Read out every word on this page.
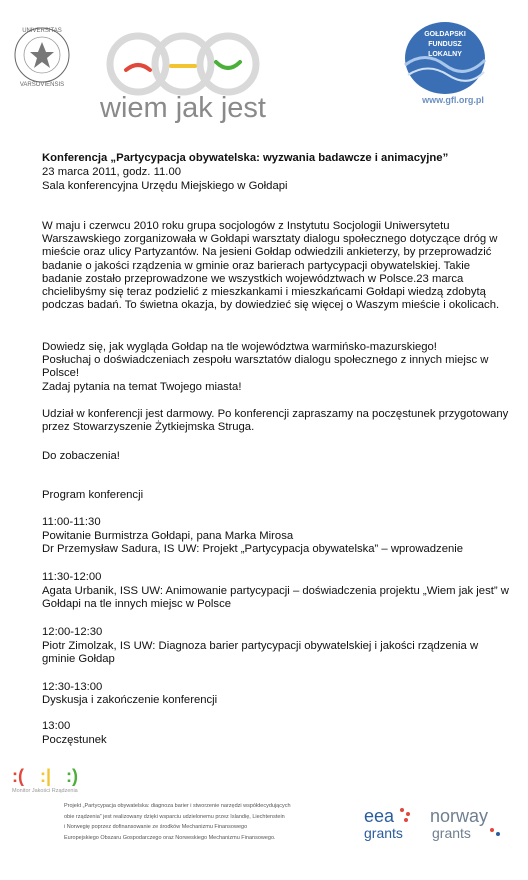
UNIVERSITAS
VARSOVIENSIS
wiem jak jest
GOŁDAPSKI
FUNDUSZ
LOKALNY
www.gfl.org.pl
Konferencja „Partycypacja obywatelska: wyzwania badawcze i animacyjne”
23 marca 2011, godz. 11.00
Sala konferencyjna Urzędu Miejskiego w Gołdapi
W maju i czerwcu 2010 roku grupa socjologów z Instytutu Socjologii Uniwersytetu Warszawskiego zorganizowała w Gołdapi warsztaty dialogu społecznego dotyczące dróg w mieście oraz ulicy Partyzantów. Na jesieni Gołdap odwiedzili ankieterzy, by przeprowadzić badanie o jakości rządzenia w gminie oraz barierach partycypacji obywatelskiej. Takie badanie zostało przeprowadzone we wszystkich województwach w Polsce.23 marca chcielibyśmy się teraz podzielić z mieszkankami i mieszkańcami Gołdapi wiedzą zdobytą podczas badań. To świetna okazja, by dowiedzieć się więcej o Waszym mieście i okolicach.
Dowiedz się, jak wygląda Gołdap na tle województwa warmińsko-mazurskiego!
Posłuchaj o doświadczeniach zespołu warsztatów dialogu społecznego z innych miejsc w Polsce!
Zadaj pytania na temat Twojego miasta!
Udział w konferencji jest darmowy. Po konferencji zapraszamy na poczęstunek przygotowany przez Stowarzyszenie Żytkiejmska Struga.
Do zobaczenia!
Program konferencji
11:00-11:30
Powitanie Burmistrza Gołdapi, pana Marka Mirosa
Dr Przemysław Sadura, IS UW: Projekt „Partycypacja obywatelska” – wprowadzenie
11:30-12:00
Agata Urbanik, ISS UW: Animowanie partycypacji – doświadczenia projektu „Wiem jak jest” w Gołdapi na tle innych miejsc w Polsce
12:00-12:30
Piotr Zimolzak, IS UW: Diagnoza barier partycypacji obywatelskiej i jakości rządzenia w gminie Gołdap
12:30-13:00
Dyskusja i zakończenie konferencji
13:00
Poczęstunek
:( :| :)
Monitor Jakości Rządzenia
Projekt „Partycypacja obywatelska: diagnoza barier i stworzenie narzędzi współdecydujących
obie rządzenia” jest realizowany dzięki wsparciu udzielonemu przez Islandię, Liechtenstein
i Norwegię poprzez dofinansowanie ze środków Mechanizmu Finansowego
Europejskiego Obszaru Gospodarczego oraz Norweskiego Mechanizmu Finansowego.
eea
grants
norway
grants
